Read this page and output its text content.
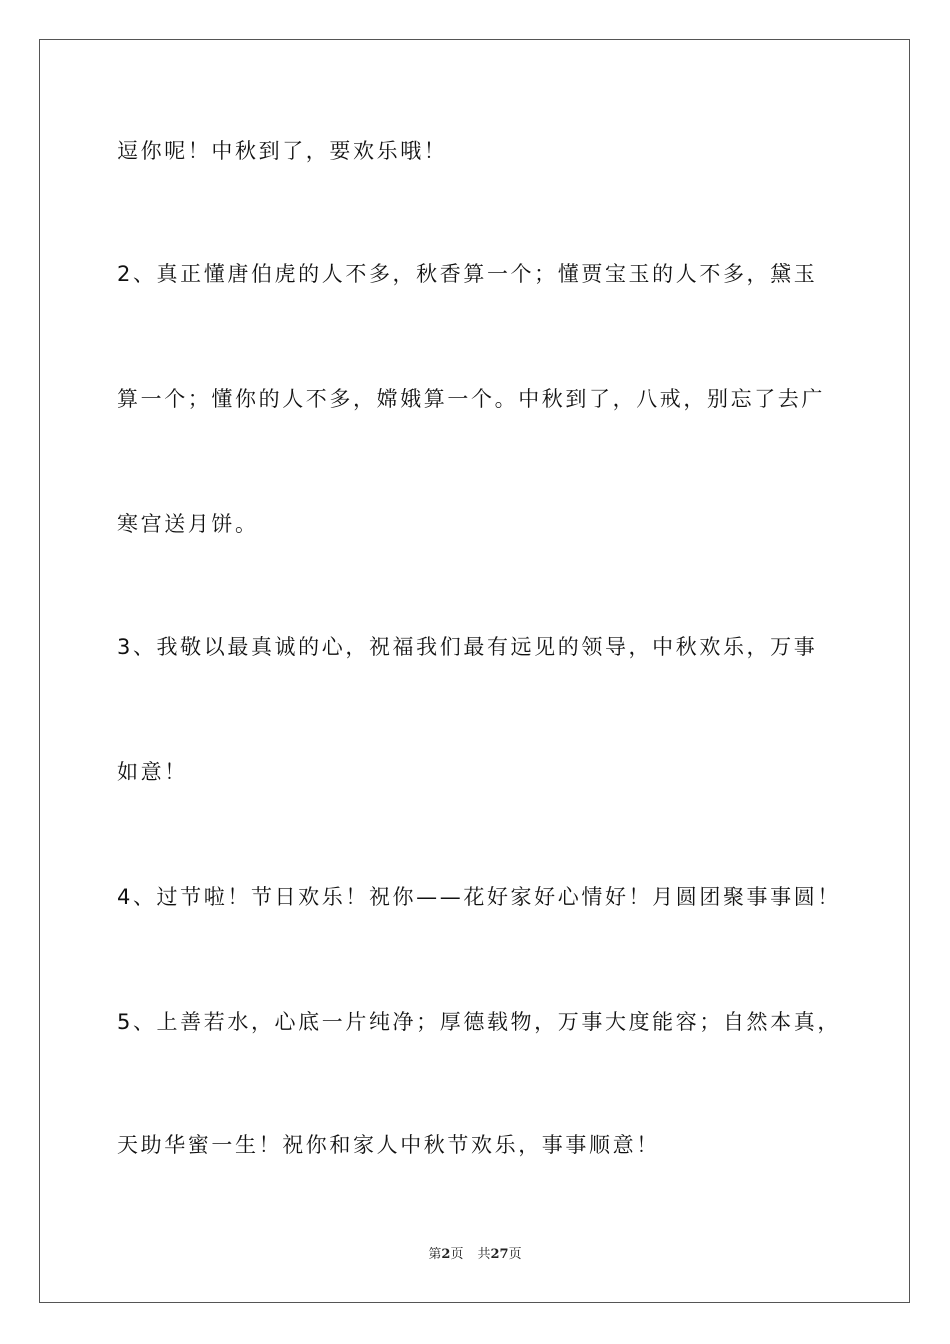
逗你呢！中秋到了，要欢乐哦！
2、真正懂唐伯虎的人不多，秋香算一个；懂贾宝玉的人不多，黛玉
算一个；懂你的人不多，嫦娥算一个。中秋到了，八戒，别忘了去广
寒宫送月饼。
3、我敬以最真诚的心，祝福我们最有远见的领导，中秋欢乐，万事
如意！
4、过节啦！节日欢乐！祝你——花好家好心情好！月圆团聚事事圆！
5、上善若水，心底一片纯净；厚德载物，万事大度能容；自然本真，
天助华蜜一生！祝你和家人中秋节欢乐，事事顺意！
第2页 共27页
